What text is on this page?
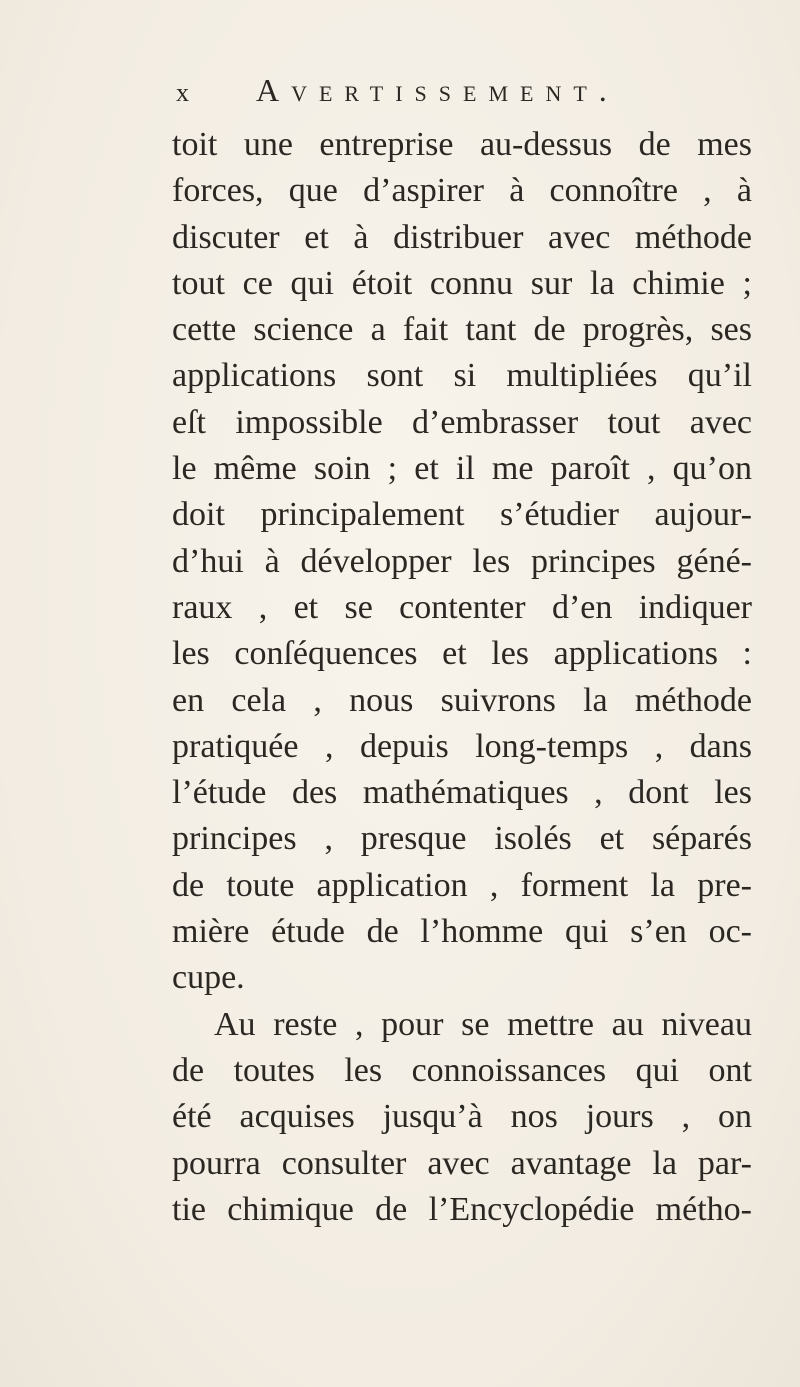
x Avertissement.
toit une entreprise au-dessus de mes
forces, que d’aspirer à connoître , à
discuter et à distribuer avec méthode
tout ce qui étoit connu sur la chimie ;
cette science a fait tant de progrès, ses
applications sont si multipliées qu’il
eſt impossible d’embrasser tout avec
le même soin ; et il me paroît , qu’on
doit principalement s’étudier aujour-
d’hui à développer les principes géné-
raux , et se contenter d’en indiquer
les conſéquences et les applications :
en cela , nous suivrons la méthode
pratiquée , depuis long-temps , dans
l’étude des mathématiques , dont les
principes , presque isolés et séparés
de toute application , forment la pre-
mière étude de l’homme qui s’en oc-
cupe.
Au reste , pour se mettre au niveau
de toutes les connoissances qui ont
été acquises jusqu’à nos jours , on
pourra consulter avec avantage la par-
tie chimique de l’Encyclopédie métho-
